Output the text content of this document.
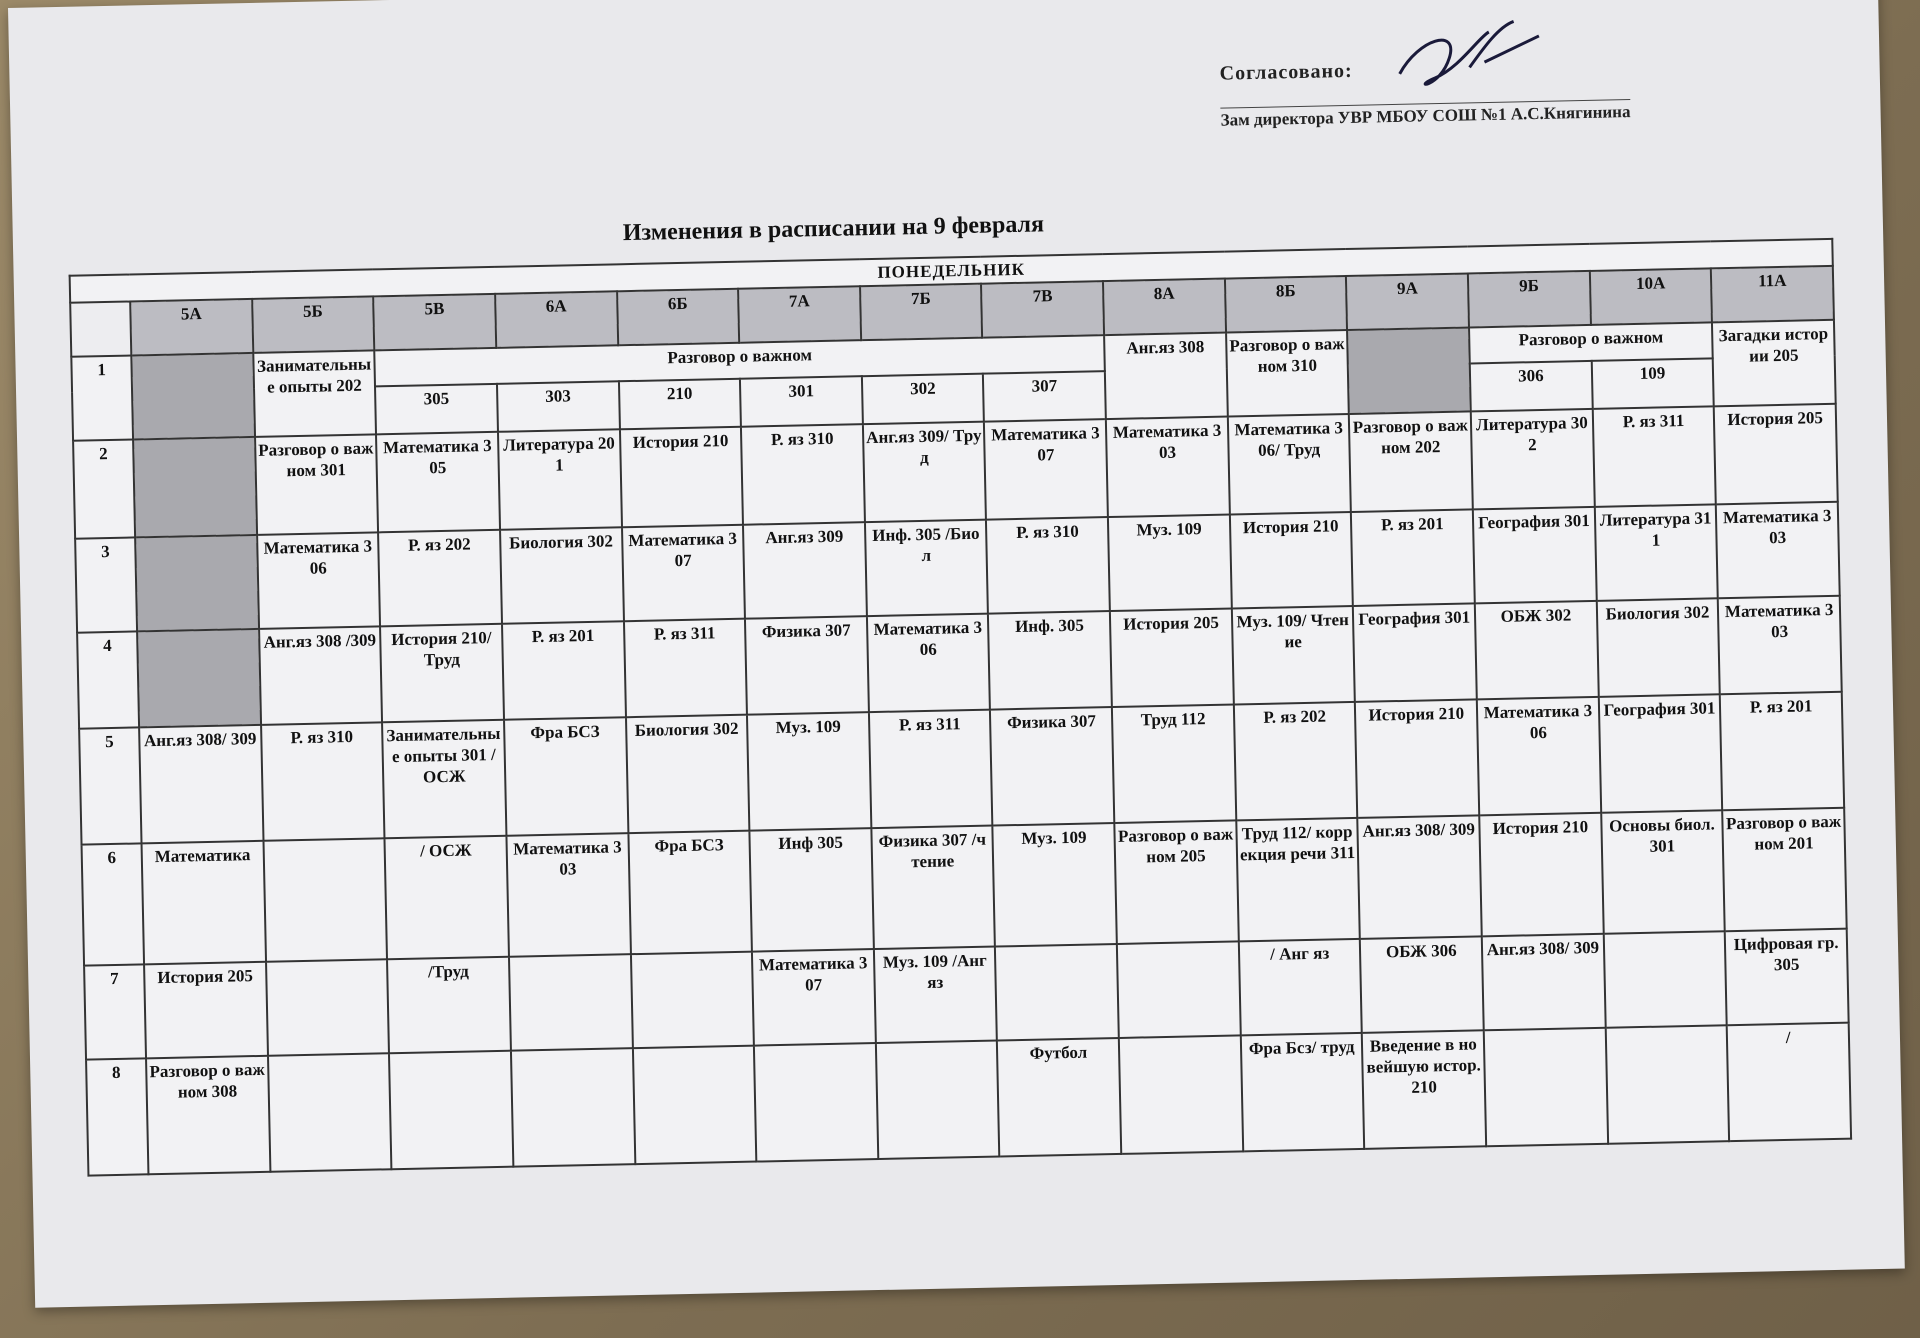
Согласовано:
Зам директора УВР МБОУ СОШ №1 А.С.Княгинина
Изменения в расписании на 9 февраля
ПОНЕДЕЛЬНИК														
	5А	5Б	5В	6А	6Б	7А	7Б	7В	8А	8Б	9А	9Б	10А	11А
1		Занимательные опыты 202	Разговор о важном						Анг.яз 308	Разговор о важном 310		Разговор о важном		Загадки истории 205
			305	303	210	301	302	307				306	109	
2		Разговор о важном 301	Математика 305	Литература 201	История 210	Р. яз 310	Анг.яз 309/ Труд	Математика 307	Математика 303	Математика 306/ Труд	Разговор о важном 202	Литература 302	Р. яз 311	История 205
3		Математика 306	Р. яз 202	Биология 302	Математика 307	Анг.яз 309	Инф. 305 /Биол	Р. яз 310	Муз. 109	История 210	Р. яз 201	География 301	Литература 311	Математика 303
4		Анг.яз 308 /309	История 210/ Труд	Р. яз 201	Р. яз 311	Физика 307	Математика 306	Инф. 305	История 205	Муз. 109/ Чтение	География 301	ОБЖ 302	Биология 302	Математика 303
5	Анг.яз 308/ 309	Р. яз 310	Занимательные опыты 301 / ОСЖ	Фра БСЗ	Биология 302	Муз. 109	Р. яз 311	Физика 307	Труд 112	Р. яз 202	История 210	Математика 306	География 301	Р. яз 201
6	Математика		/ ОСЖ	Математика 303	Фра БСЗ	Инф 305	Физика 307 /чтение	Муз. 109	Разговор о важном 205	Труд 112/ коррекция речи 311	Анг.яз 308/ 309	История 210	Основы биол. 301	Разговор о важном 201
7	История 205		/Труд			Математика 307	Муз. 109 /Анг яз			/ Анг яз	ОБЖ 306	Анг.яз 308/ 309		Цифровая гр. 305
8	Разговор о важном 308							Футбол		Фра Бсз/ труд	Введение в новейшую истор. 210			/
